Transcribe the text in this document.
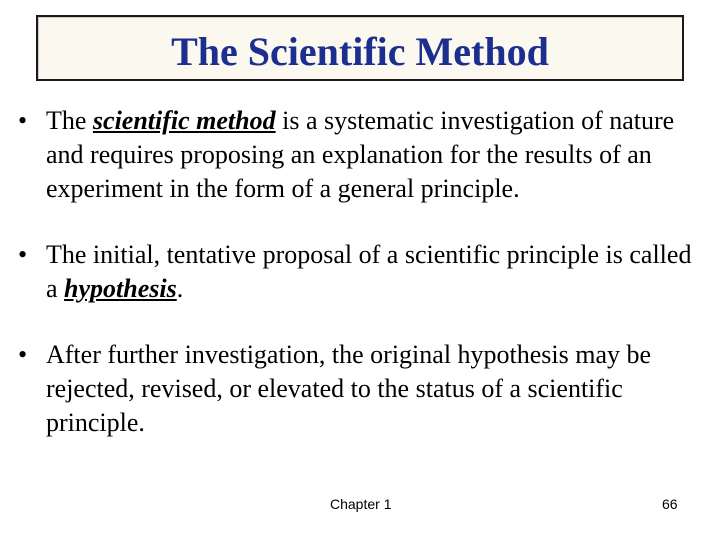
The Scientific Method
• The scientific method is a systematic investigation of nature and requires proposing an explanation for the results of an experiment in the form of a general principle.
• The initial, tentative proposal of a scientific principle is called a hypothesis.
• After further investigation, the original hypothesis may be rejected, revised, or elevated to the status of a scientific principle.
Chapter 1	66
